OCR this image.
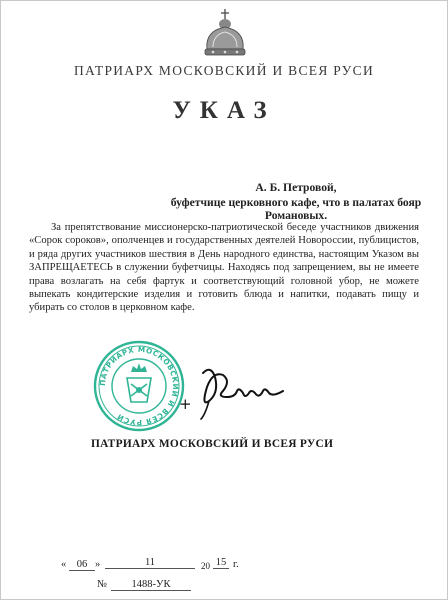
ПАТРИАРХ МОСКОВСКИЙ И ВСЕЯ РУСИ
УКАЗ
А. Б. Петровой,
буфетчице церковного кафе, что в палатах бояр Романовых.
За препятствование миссионерско-патриотической беседе участников движения «Сорок сороков», ополченцев и государственных деятелей Новороссии, публицистов, и ряда других участников шествия в День народного единства, настоящим Указом вы ЗАПРЕЩАЕТЕСЬ в служении буфетчицы. Находясь под запрещением, вы не имеете права возлагать на себя фартук и соответствующий головной убор, не можете выпекать кондитерские изделия и готовить блюда и напитки, подавать пищу и убирать со столов в церковном кафе.
ПАТРИАРХ МОСКОВСКИЙ И ВСЕЯ РУСИ
+
ПАТРИАРХ МОСКОВСКИЙ И ВСЕЯ РУСИ
«	06 »	11	20 15 г.
№	1488-УК
